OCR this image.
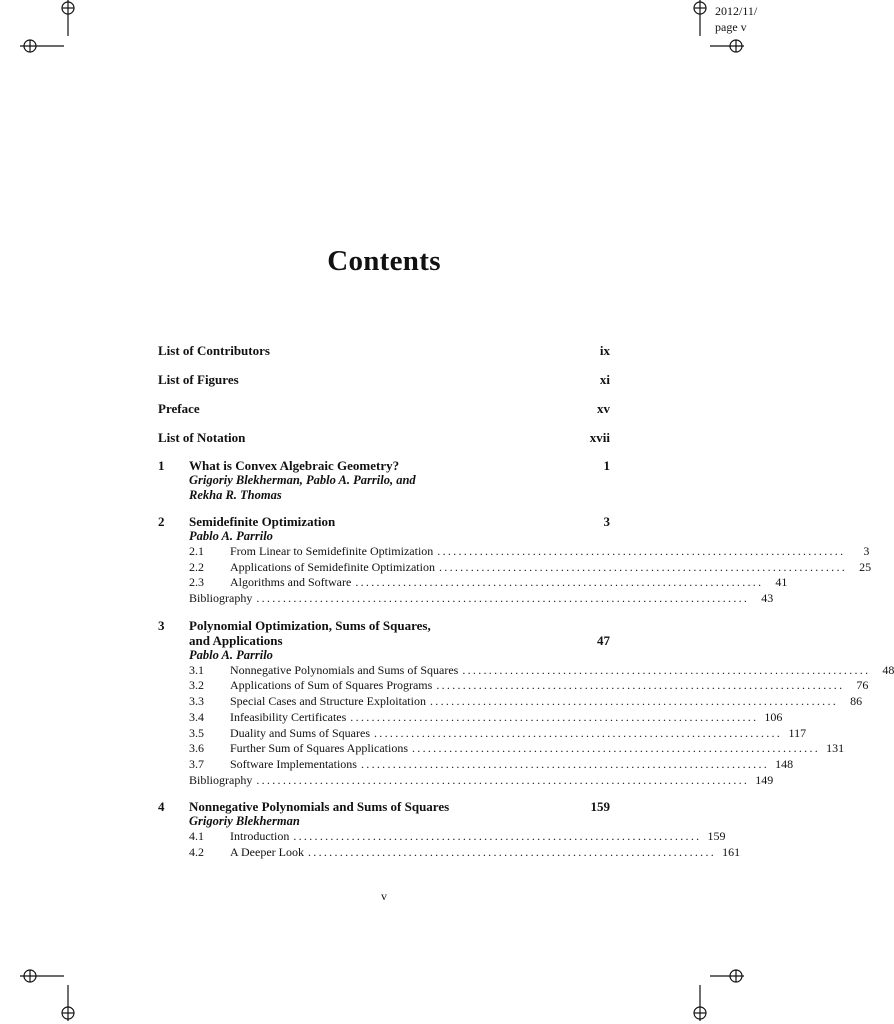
2012/11/
page v
Contents
List of Contributors	ix
List of Figures	xi
Preface	xv
List of Notation	xvii
1	What is Convex Algebraic Geometry?	1
Grigoriy Blekherman, Pablo A. Parrilo, and
Rekha R. Thomas
2	Semidefinite Optimization	3
Pablo A. Parrilo
2.1	From Linear to Semidefinite Optimization .............................................................................	3
2.2	Applications of Semidefinite Optimization .............................................................................	25
2.3	Algorithms and Software .............................................................................	41
Bibliography .............................................................................................	43
3	Polynomial Optimization, Sums of Squares,
and Applications	47
Pablo A. Parrilo
3.1	Nonnegative Polynomials and Sums of Squares .............................................................................	48
3.2	Applications of Sum of Squares Programs .............................................................................	76
3.3	Special Cases and Structure Exploitation .............................................................................	86
3.4	Infeasibility Certificates ............................................................................. 106
3.5	Duality and Sums of Squares ............................................................................. 117
3.6	Further Sum of Squares Applications ............................................................................. 131
3.7	Software Implementations ............................................................................. 148
Bibliography ............................................................................................. 149
4	Nonnegative Polynomials and Sums of Squares	159
Grigoriy Blekherman
4.1	Introduction ............................................................................. 159
4.2	A Deeper Look ............................................................................. 161
v
